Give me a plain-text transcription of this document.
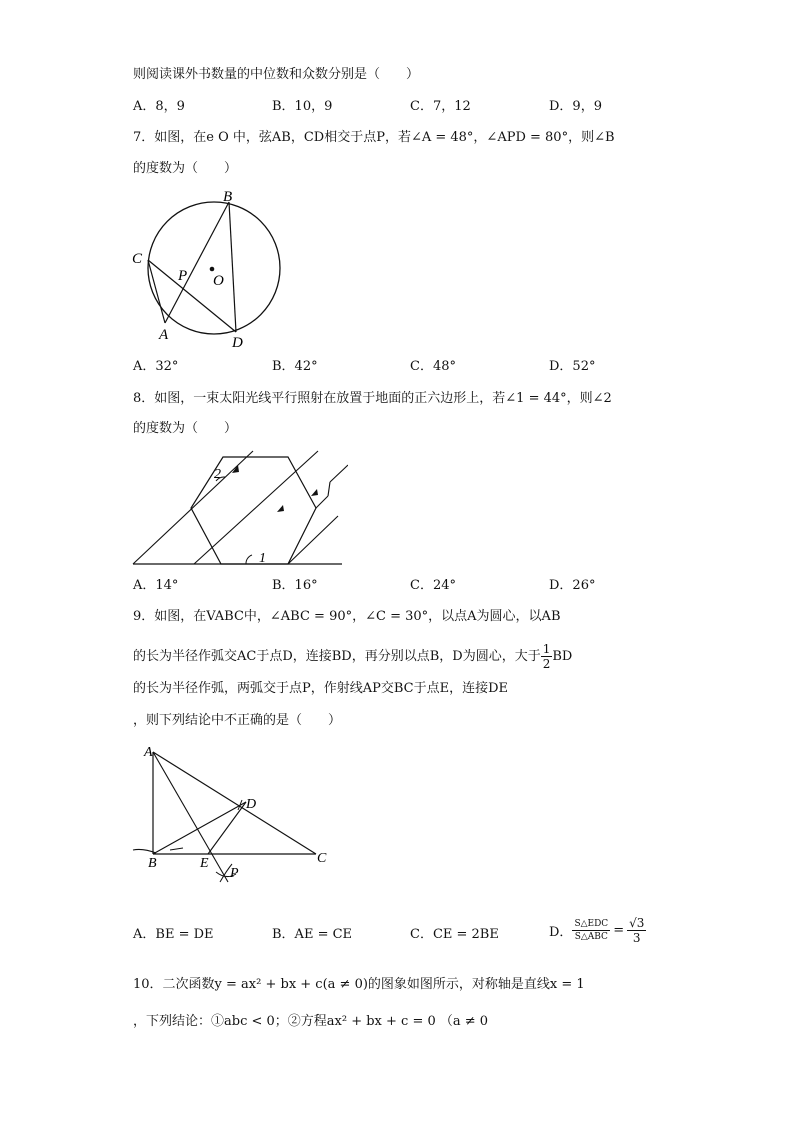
则阅读课外书数量的中位数和众数分别是（　　）
A．8，9	B．10，9	C．7，12	D．9，9
7．如图，在e O 中，弦AB，CD相交于点P，若∠A = 48°，∠APD = 80°，则∠B
的度数为（　　）
B
C
P O
A	D
A．32°	B．42°	C．48°	D．52°
8．如图，一束太阳光线平行照射在放置于地面的正六边形上，若∠1 = 44°，则∠2
的度数为（　　）
2
1
A．14°	B．16°	C．24°	D．26°
9．如图，在VABC中，∠ABC = 90°，∠C = 30°，以点A为圆心，以AB
的长为半径作弧交AC于点D，连接BD，再分别以点B，D为圆心，大于 $\frac{1}{2}$ BD
的长为半径作弧，两弧交于点P，作射线AP交BC于点E，连接DE
，则下列结论中不正确的是（　　）
A
D
B	E	C
P
A．BE = DE	B．AE = CE	C．CE = 2BE	D． $\frac{\text{S△EDC}}{\text{S△ABC}} = \frac{√3}{3}$
10．二次函数y = ax² + bx + c(a ≠ 0)的图象如图所示，对称轴是直线x = 1
，下列结论：①abc < 0；②方程ax² + bx + c = 0 （a ≠ 0
